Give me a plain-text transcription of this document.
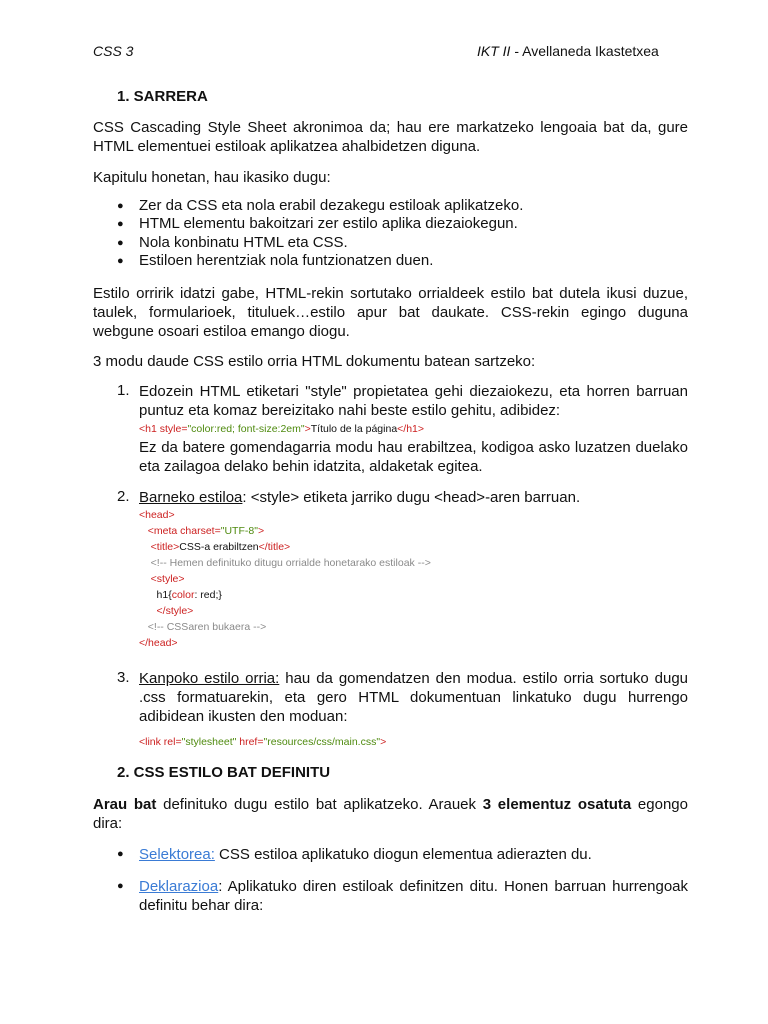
CSS 3	IKT II - Avellaneda Ikastetxea
1. SARRERA
CSS Cascading Style Sheet akronimoa da; hau ere markatzeko lengoaia bat da, gure HTML elementuei estiloak aplikatzea ahalbidetzen diguna.
Kapitulu honetan, hau ikasiko dugu:
● Zer da CSS eta nola erabil dezakegu estiloak aplikatzeko.
● HTML elementu bakoitzari zer estilo aplika diezaiokegun.
● Nola konbinatu HTML eta CSS.
● Estiloen herentziak nola funtzionatzen duen.
Estilo orririk idatzi gabe, HTML-rekin sortutako orrialdeek estilo bat dutela ikusi duzue, taulek, formularioek, tituluek…estilo apur bat daukate. CSS-rekin egingo duguna webgune osoari estiloa emango diogu.
3 modu daude CSS estilo orria HTML dokumentu batean sartzeko:
1. Edozein HTML etiketari "style" propietatea gehi diezaiokezu, eta horren barruan puntuz eta komaz bereizitako nahi beste estilo gehitu, adibidez:
<h1 style="color:red; font-size:2em">Título de la página</h1>
Ez da batere gomendagarria modu hau erabiltzea, kodigoa asko luzatzen duelako eta zailagoa delako behin idatzita, aldaketak egitea.
2. Barneko estiloa: <style> etiketa jarriko dugu <head>-aren barruan.
<head>
<meta charset="UTF-8">
<title>CSS-a erabiltzen</title>
<!-- Hemen definituko ditugu orrialde honetarako estiloak -->
<style>
h1{color: red;}
</style>
<!-- CSSaren bukaera -->
</head>
3. Kanpoko estilo orria: hau da gomendatzen den modua. estilo orria sortuko dugu .css formatuarekin, eta gero HTML dokumentuan linkatuko dugu hurrengo adibidean ikusten den moduan:
<link rel="stylesheet" href="resources/css/main.css">
2. CSS ESTILO BAT DEFINITU
Arau bat definituko dugu estilo bat aplikatzeko. Arauek 3 elementuz osatuta egongo dira:
● Selektorea: CSS estiloa aplikatuko diogun elementua adierazten du.
● Deklarazioa: Aplikatuko diren estiloak definitzen ditu. Honen barruan hurrengoak definitu behar dira:
